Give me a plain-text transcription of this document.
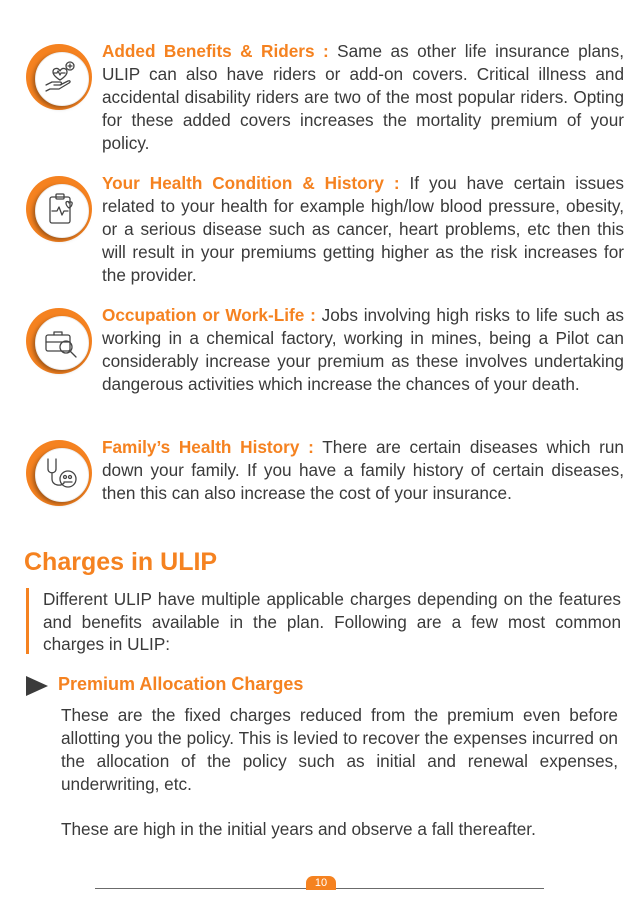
Added Benefits & Riders : Same as other life insurance plans, ULIP can also have riders or add-on covers. Critical illness and accidental disability riders are two of the most popular riders. Opting for these added covers increases the mortality premium of your policy.
Your Health Condition & History : If you have certain issues related to your health for example high/low blood pressure, obesity, or a serious disease such as cancer, heart problems, etc then this will result in your premiums getting higher as the risk increases for the provider.
Occupation or Work-Life : Jobs involving high risks to life such as working in a chemical factory, working in mines, being a Pilot can considerably increase your premium as these involves undertaking dangerous activities which increase the chances of your death.
Family’s Health History : There are certain diseases which run down your family. If you have a family history of certain diseases, then this can also increase the cost of your insurance.
Charges in ULIP

Different ULIP have multiple applicable charges depending on the features and benefits available in the plan. Following are a few most common charges in ULIP:

Premium Allocation Charges

These are the fixed charges reduced from the premium even before allotting you the policy. This is levied to recover the expenses incurred on the allocation of the policy such as initial and renewal expenses, underwriting, etc.

These are high in the initial years and observe a fall thereafter.

10
